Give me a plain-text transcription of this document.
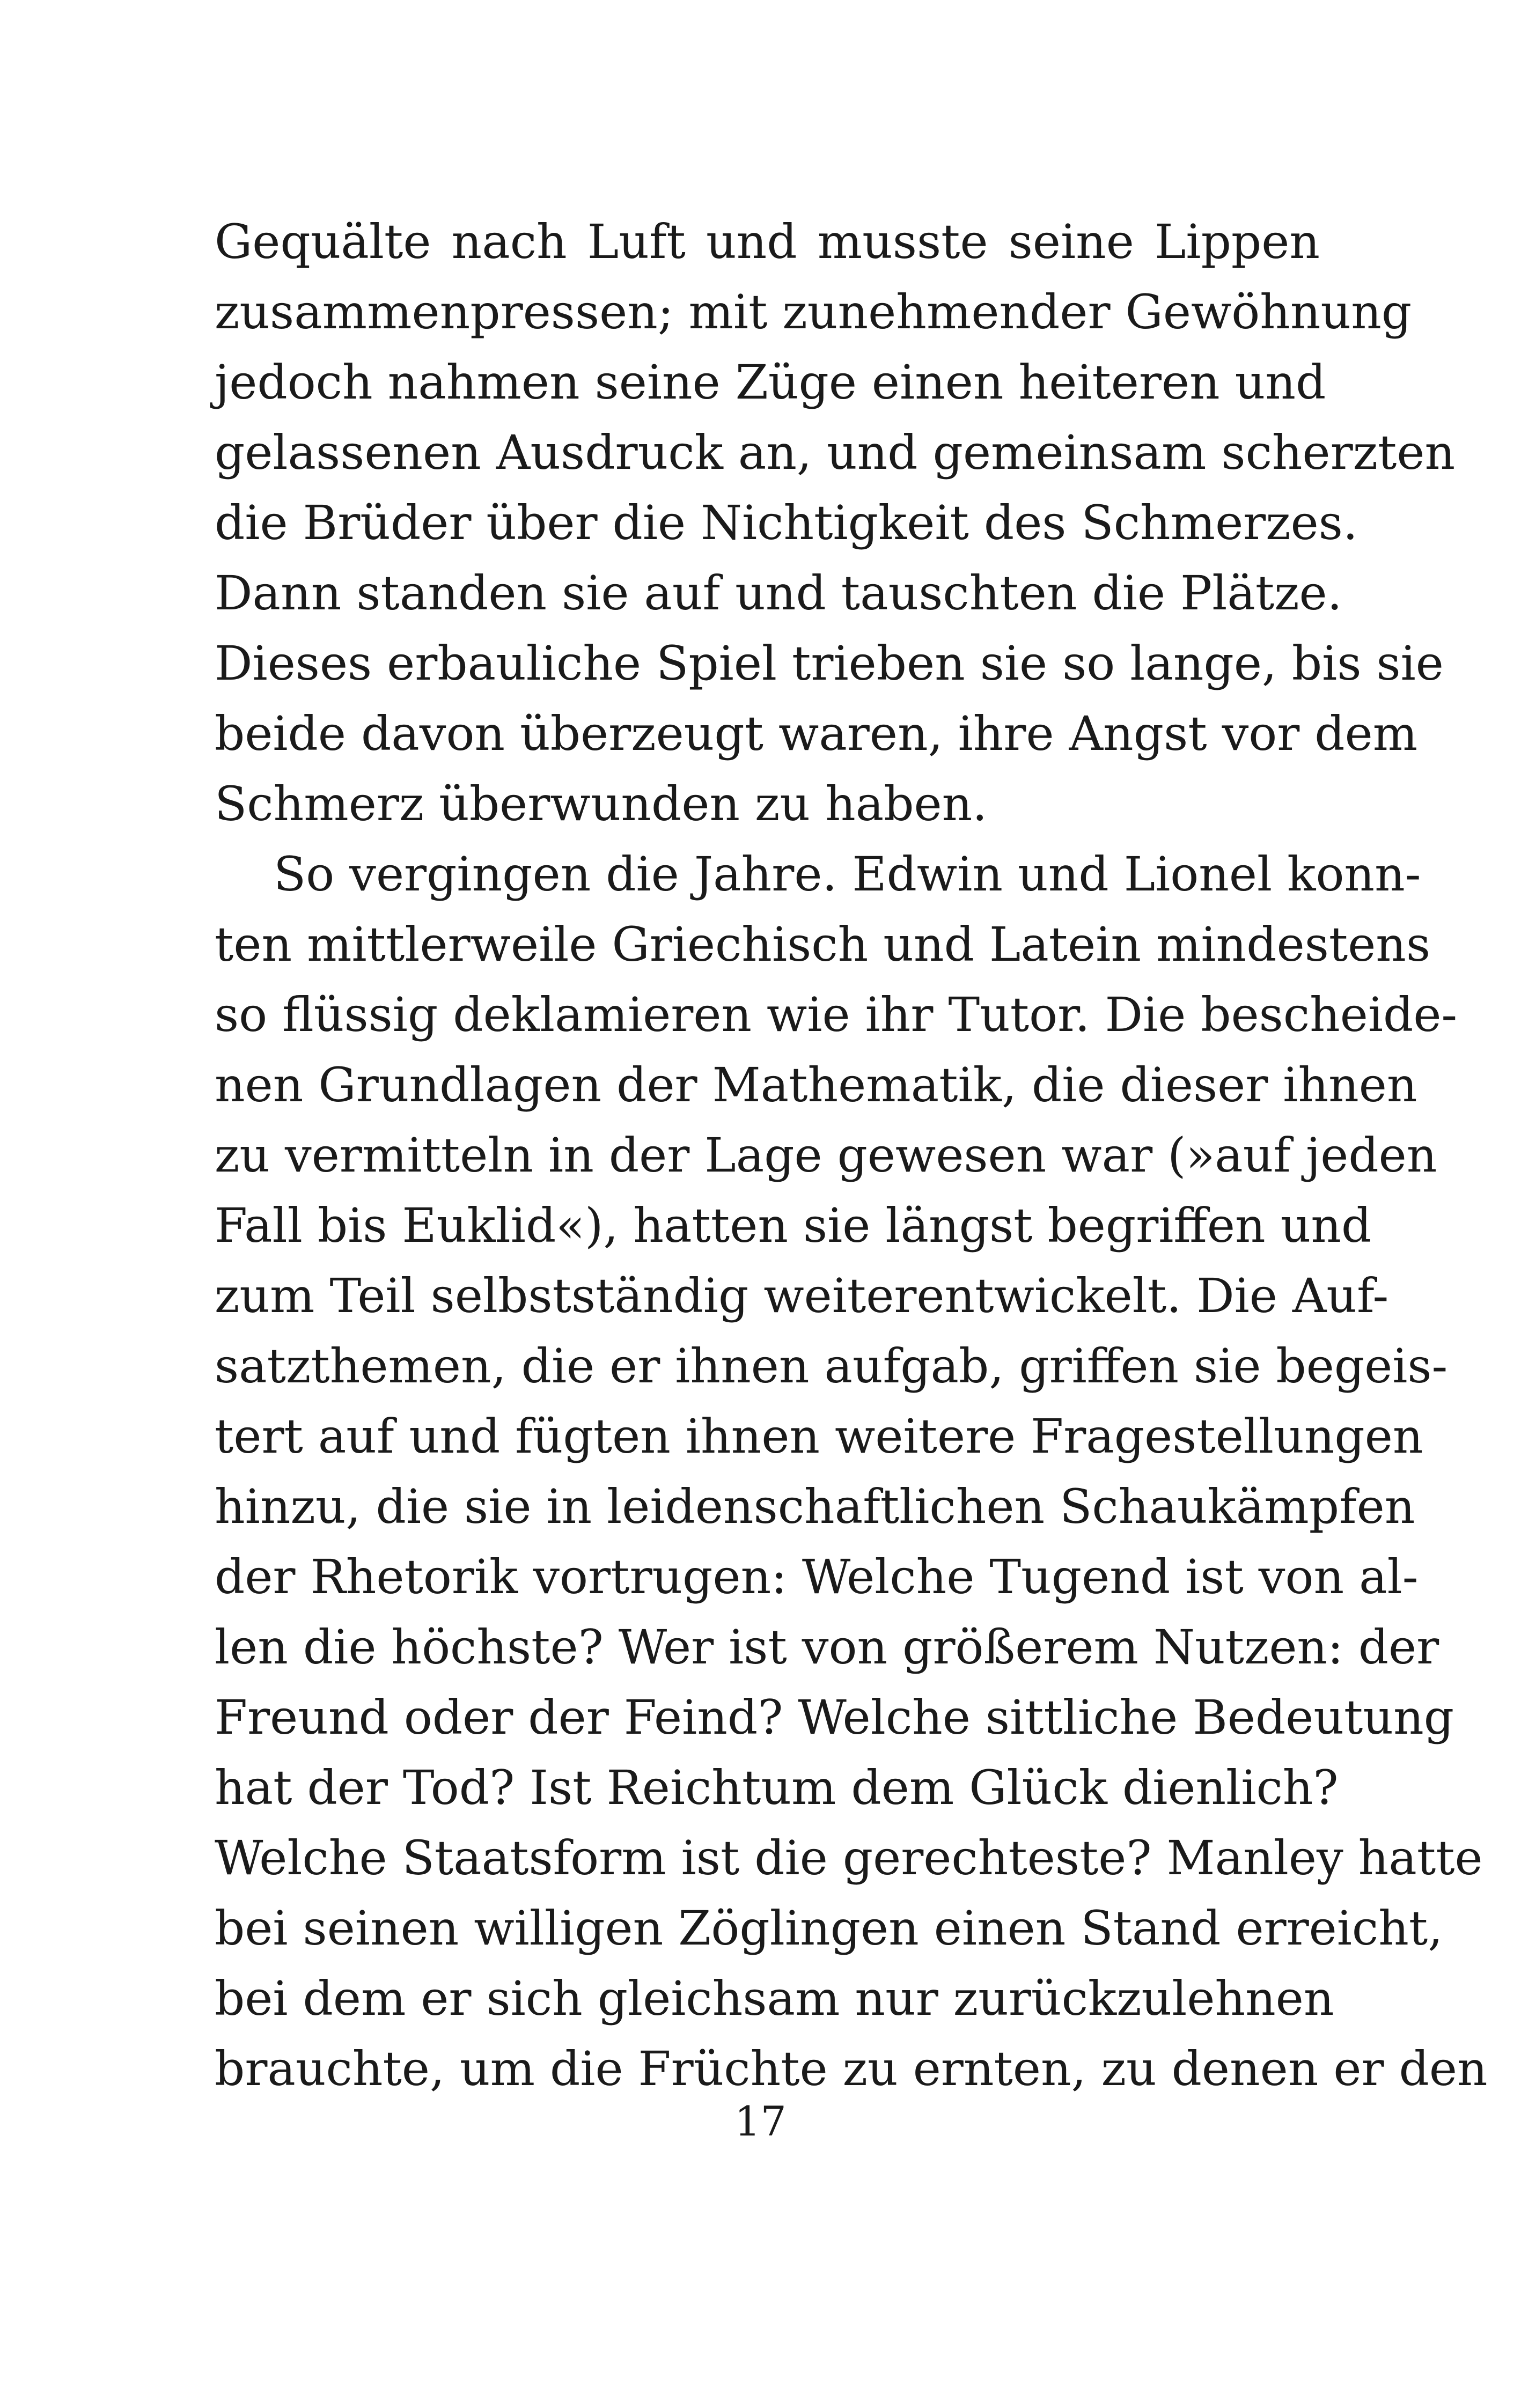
Gequälte nach Luft und musste seine Lippen
zusammenpressen; mit zunehmender Gewöhnung
jedoch nahmen seine Züge einen heiteren und
gelassenen Ausdruck an, und gemeinsam scherzten
die Brüder über die Nichtigkeit des Schmerzes.
Dann standen sie auf und tauschten die Plätze.
Dieses erbauliche Spiel trieben sie so lange, bis sie
beide davon überzeugt waren, ihre Angst vor dem
Schmerz überwunden zu haben.
So vergingen die Jahre. Edwin und Lionel konn-
ten mittlerweile Griechisch und Latein mindestens
so flüssig deklamieren wie ihr Tutor. Die bescheide-
nen Grundlagen der Mathematik, die dieser ihnen
zu vermitteln in der Lage gewesen war (»auf jeden
Fall bis Euklid«), hatten sie längst begriffen und
zum Teil selbstständig weiterentwickelt. Die Auf-
satzthemen, die er ihnen aufgab, griffen sie begeis-
tert auf und fügten ihnen weitere Fragestellungen
hinzu, die sie in leidenschaftlichen Schaukämpfen
der Rhetorik vortrugen: Welche Tugend ist von al-
len die höchste? Wer ist von größerem Nutzen: der
Freund oder der Feind? Welche sittliche Bedeutung
hat der Tod? Ist Reichtum dem Glück dienlich?
Welche Staatsform ist die gerechteste? Manley hatte
bei seinen willigen Zöglingen einen Stand erreicht,
bei dem er sich gleichsam nur zurückzulehnen
brauchte, um die Früchte zu ernten, zu denen er den
17
